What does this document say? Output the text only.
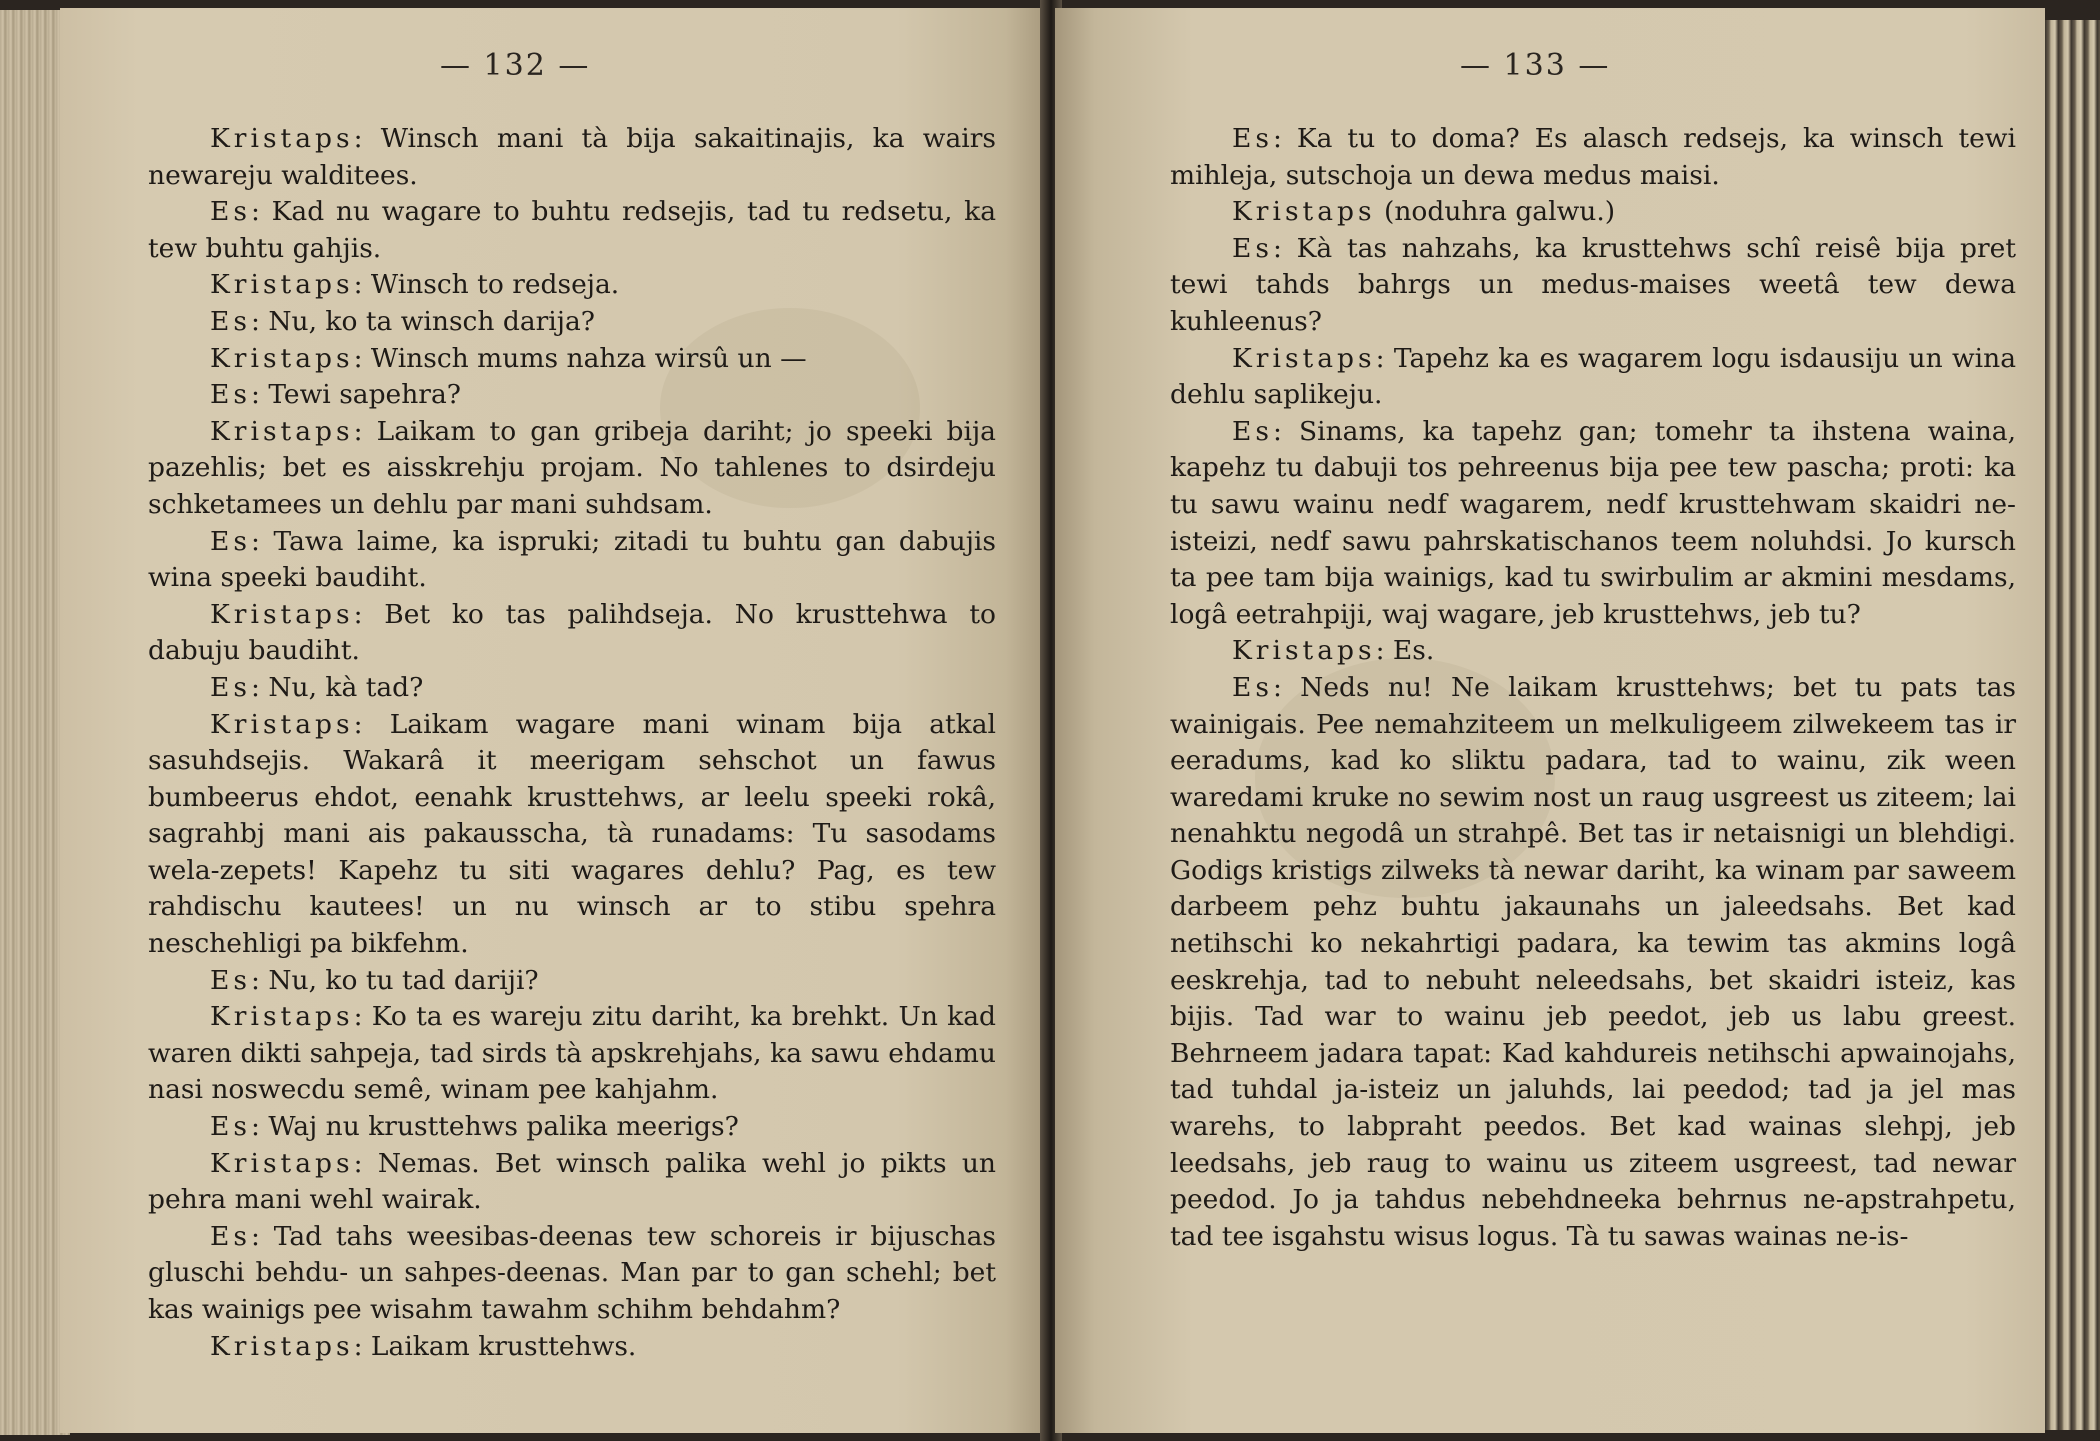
— 132 —

Kristaps : Winsch mani tà bija sakaitinajis, ka wairs newareju walditees.

Es : Kad nu wagare to buhtu redsejis, tad tu redsetu, ka tew buhtu gahjis.

Kristaps : Winsch to redseja.

Es : Nu, ko ta winsch darija?

Kristaps : Winsch mums nahza wirsû un —

Es : Tewi sapehra?

Kristaps : Laikam to gan gribeja dariht; jo speeki bija pazehlis; bet es aisskrehju projam. No tahlenes to dsirdeju schketamees un dehlu par mani suhdsam.

Es : Tawa laime, ka ispruki; zitadi tu buhtu gan dabujis wina speeki baudiht.

Kristaps : Bet ko tas palihdseja. No krusttehwa to dabuju baudiht.

Es : Nu, kà tad?

Kristaps : Laikam wagare mani winam bija atkal sasuhdsejis. Wakarâ it meerigam sehschot un fawus bumbeerus ehdot, eenahk krusttehws, ar leelu speeki rokâ, sagrahbj mani ais pakausscha, tà runadams: Tu sasodams wela-zepets! Kapehz tu siti wagares dehlu? Pag, es tew rahdischu kautees! un nu winsch ar to stibu spehra neschehligi pa bikfehm.

Es : Nu, ko tu tad dariji?

Kristaps : Ko ta es wareju zitu dariht, ka brehkt. Un kad waren dikti sahpeja, tad sirds tà apskrehjahs, ka sawu ehdamu nasi noswecdu semê, winam pee kahjahm.

Es : Waj nu krusttehws palika meerigs?

Kristaps : Nemas. Bet winsch palika wehl jo pikts un pehra mani wehl wairak.

Es : Tad tahs weesibas-deenas tew schoreis ir bijuschas gluschi behdu- un sahpes-deenas. Man par to gan schehl; bet kas wainigs pee wisahm tawahm schihm behdahm?

Kristaps : Laikam krusttehws.

— 133 —

Es : Ka tu to doma? Es alasch redsejs, ka winsch tewi mihleja, sutschoja un dewa medus maisi.

Kristaps (noduhra galwu.)

Es : Kà tas nahzahs, ka krusttehws schî reisê bija pret tewi tahds bahrgs un medus-maises weetâ tew dewa kuhleenus?

Kristaps : Tapehz ka es wagarem logu isdausiju un wina dehlu saplikeju.

Es : Sinams, ka tapehz gan; tomehr ta ihstena waina, kapehz tu dabuji tos pehreenus bija pee tew pascha; proti: ka tu sawu wainu nedf wagarem, nedf krusttehwam skaidri ne-isteizi, nedf sawu pahrskatischanos teem noluhdsi. Jo kursch ta pee tam bija wainigs, kad tu swirbulim ar akmini mesdams, logâ eetrahpiji, waj wagare, jeb krusttehws, jeb tu?

Kristaps : Es.

Es : Neds nu! Ne laikam krusttehws; bet tu pats tas wainigais. Pee nemahziteem un melkuligeem zilwekeem tas ir eeradums, kad ko sliktu padara, tad to wainu, zik ween waredami kruke no sewim nost un raug usgreest us ziteem; lai nenahktu negodâ un strahpê. Bet tas ir netaisnigi un blehdigi. Godigs kristigs zilweks tà newar dariht, ka winam par saweem darbeem pehz buhtu jakaunahs un jaleedsahs. Bet kad netihschi ko nekahrtigi padara, ka tewim tas akmins logâ eeskrehja, tad to nebuht neleedsahs, bet skaidri isteiz, kas bijis. Tad war to wainu jeb peedot, jeb us labu greest. Behrneem jadara tapat: Kad kahdureis netihschi apwainojahs, tad tuhdal ja-isteiz un jaluhds, lai peedod; tad ja jel mas warehs, to labpraht peedos. Bet kad wainas slehpj, jeb leedsahs, jeb raug to wainu us ziteem usgreest, tad newar peedod. Jo ja tahdus nebehdneeka behrnus ne-apstrahpetu, tad tee isgahstu wisus logus. Tà tu sawas wainas ne-is-
